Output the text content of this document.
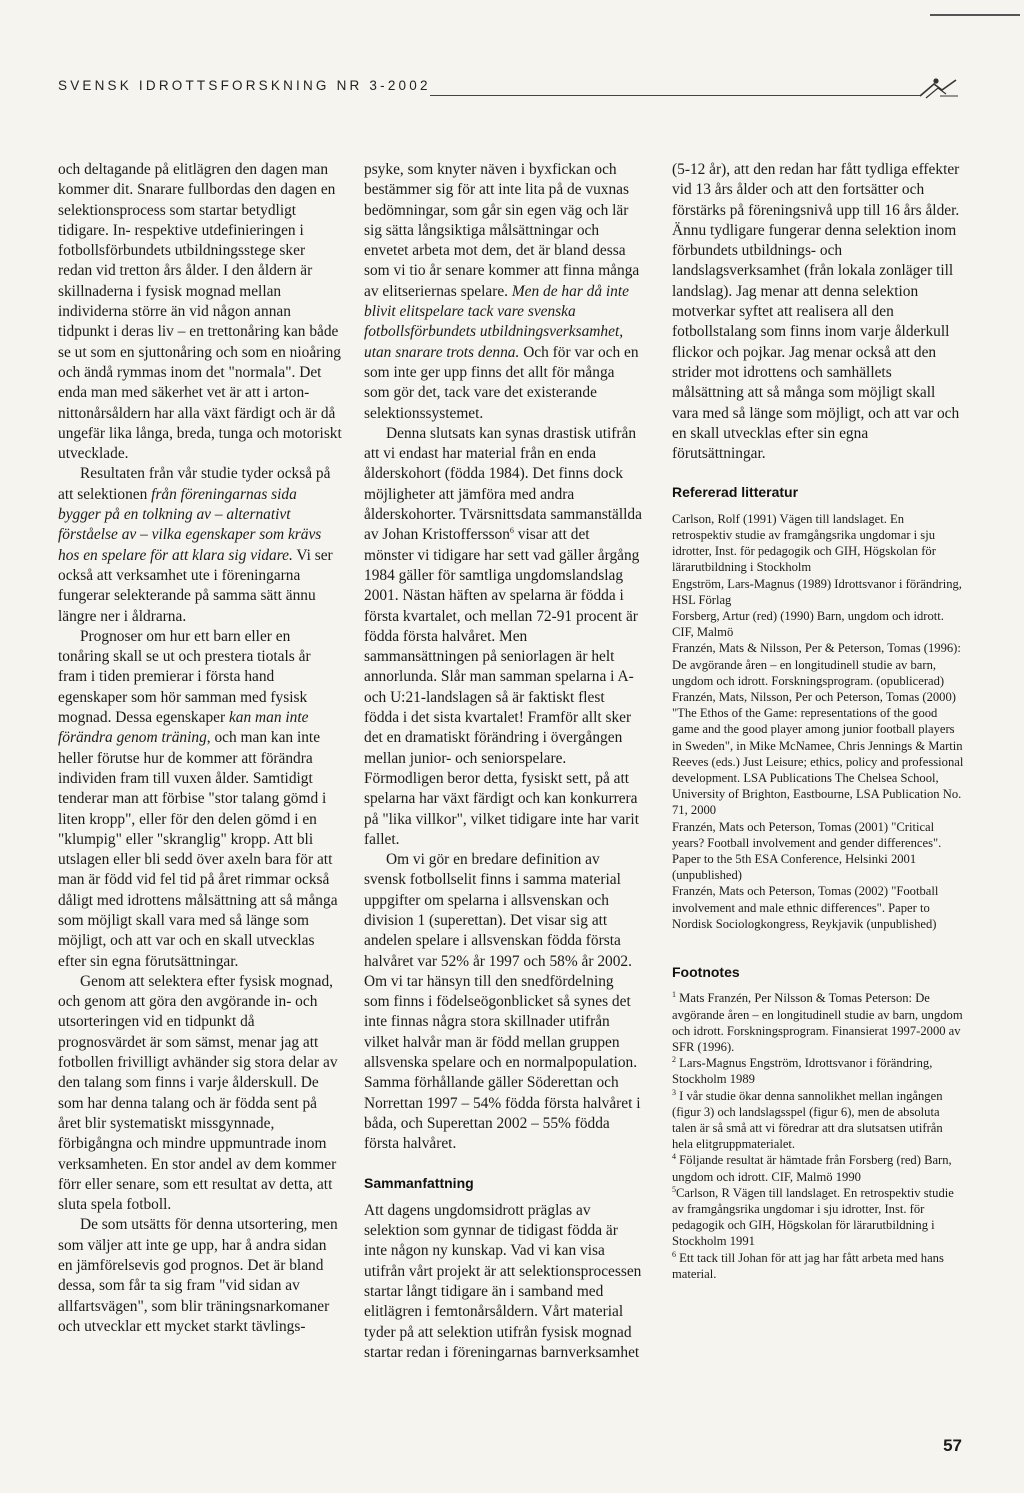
SVENSK IDROTTSFORSKNING NR 3-2002

och deltagande på elitlägren den dagen man kommer dit. Snarare fullbordas den dagen en selektionsprocess som startar betydligt tidigare. In- respektive utdefinieringen i fotbollsförbundets utbildningsstege sker redan vid tretton års ålder. I den åldern är skillnaderna i fysisk mognad mellan individerna större än vid någon annan tidpunkt i deras liv – en trettonåring kan både se ut som en sjuttonåring och som en nioåring och ändå rymmas inom det "normala". Det enda man med säkerhet vet är att i arton-nittonårsåldern har alla växt färdigt och är då ungefär lika långa, breda, tunga och motoriskt utvecklade.

Resultaten från vår studie tyder också på att selektionen från föreningarnas sida bygger på en tolkning av – alternativt förståelse av – vilka egenskaper som krävs hos en spelare för att klara sig vidare. Vi ser också att verksamhet ute i föreningarna fungerar selekterande på samma sätt ännu längre ner i åldrarna.

Prognoser om hur ett barn eller en tonåring skall se ut och prestera tiotals år fram i tiden premierar i första hand egenskaper som hör samman med fysisk mognad. Dessa egenskaper kan man inte förändra genom träning, och man kan inte heller förutse hur de kommer att förändra individen fram till vuxen ålder. Samtidigt tenderar man att förbise "stor talang gömd i liten kropp", eller för den delen gömd i en "klumpig" eller "skranglig" kropp. Att bli utslagen eller bli sedd över axeln bara för att man är född vid fel tid på året rimmar också dåligt med idrottens målsättning att så många som möjligt skall vara med så länge som möjligt, och att var och en skall utvecklas efter sin egna förutsättningar.

Genom att selektera efter fysisk mognad, och genom att göra den avgörande in- och utsorteringen vid en tidpunkt då prognosvärdet är som sämst, menar jag att fotbollen frivilligt avhänder sig stora delar av den talang som finns i varje ålderskull. De som har denna talang och är födda sent på året blir systematiskt missgynnade, förbigångna och mindre uppmuntrade inom verksamheten. En stor andel av dem kommer förr eller senare, som ett resultat av detta, att sluta spela fotboll.

De som utsätts för denna utsortering, men som väljer att inte ge upp, har å andra sidan en jämförelsevis god prognos. Det är bland dessa, som får ta sig fram "vid sidan av allfartsvägen", som blir träningsnarkomaner och utvecklar ett mycket starkt tävlings-

psyke, som knyter näven i byxfickan och bestämmer sig för att inte lita på de vuxnas bedömningar, som går sin egen väg och lär sig sätta långsiktiga målsättningar och envetet arbeta mot dem, det är bland dessa som vi tio år senare kommer att finna många av elitseriernas spelare. Men de har då inte blivit elitspelare tack vare svenska fotbollsförbundets utbildningsverksamhet, utan snarare trots denna. Och för var och en som inte ger upp finns det allt för många som gör det, tack vare det existerande selektionssystemet.

Denna slutsats kan synas drastisk utifrån att vi endast har material från en enda ålderskohort (födda 1984). Det finns dock möjligheter att jämföra med andra ålderskohorter. Tvärsnittsdata sammanställda av Johan Kristoffersson$^6$ visar att det mönster vi tidigare har sett vad gäller årgång 1984 gäller för samtliga ungdomslandslag 2001. Nästan häften av spelarna är födda i första kvartalet, och mellan 72-91 procent är födda första halvåret. Men sammansättningen på seniorlagen är helt annorlunda. Slår man samman spelarna i A- och U:21-landslagen så är faktiskt flest födda i det sista kvartalet! Framför allt sker det en dramatiskt förändring i övergången mellan junior- och seniorspelare. Förmodligen beror detta, fysiskt sett, på att spelarna har växt färdigt och kan konkurrera på "lika villkor", vilket tidigare inte har varit fallet.

Om vi gör en bredare definition av svensk fotbollselit finns i samma material uppgifter om spelarna i allsvenskan och division 1 (superettan). Det visar sig att andelen spelare i allsvenskan födda första halvåret var 52% år 1997 och 58% år 2002. Om vi tar hänsyn till den snedfördelning som finns i födelseögonblicket så synes det inte finnas några stora skillnader utifrån vilket halvår man är född mellan gruppen allsvenska spelare och en normalpopulation. Samma förhållande gäller Söderettan och Norrettan 1997 – 54% födda första halvåret i båda, och Superettan 2002 – 55% födda första halvåret.

Sammanfattning

Att dagens ungdomsidrott präglas av selektion som gynnar de tidigast födda är inte någon ny kunskap. Vad vi kan visa utifrån vårt projekt är att selektionsprocessen startar långt tidigare än i samband med elitlägren i femtonårsåldern. Vårt material tyder på att selektion utifrån fysisk mognad startar redan i föreningarnas barnverksamhet

(5-12 år), att den redan har fått tydliga effekter vid 13 års ålder och att den fortsätter och förstärks på föreningsnivå upp till 16 års ålder. Ännu tydligare fungerar denna selektion inom förbundets utbildnings- och landslagsverksamhet (från lokala zonläger till landslag). Jag menar att denna selektion motverkar syftet att realisera all den fotbollstalang som finns inom varje ålderkull flickor och pojkar. Jag menar också att den strider mot idrottens och samhällets målsättning att så många som möjligt skall vara med så länge som möjligt, och att var och en skall utvecklas efter sin egna förutsättningar.

Refererad litteratur

Carlson, Rolf (1991) Vägen till landslaget. En retrospektiv studie av framgångsrika ungdomar i sju idrotter, Inst. för pedagogik och GIH, Högskolan för lärarutbildning i Stockholm

Engström, Lars-Magnus (1989) Idrottsvanor i förändring, HSL Förlag

Forsberg, Artur (red) (1990) Barn, ungdom och idrott. CIF, Malmö

Franzén, Mats & Nilsson, Per & Peterson, Tomas (1996): De avgörande åren – en longitudinell studie av barn, ungdom och idrott. Forskningsprogram. (opublicerad)

Franzén, Mats, Nilsson, Per och Peterson, Tomas (2000) "The Ethos of the Game: representations of the good game and the good player among junior football players in Sweden", in Mike McNamee, Chris Jennings & Martin Reeves (eds.) Just Leisure; ethics, policy and professional development. LSA Publications The Chelsea School, University of Brighton, Eastbourne, LSA Publication No. 71, 2000

Franzén, Mats och Peterson, Tomas (2001) "Critical years? Football involvement and gender differences". Paper to the 5th ESA Conference, Helsinki 2001 (unpublished)

Franzén, Mats och Peterson, Tomas (2002) "Football involvement and male ethnic differences". Paper to Nordisk Sociologkongress, Reykjavik (unpublished)

Footnotes

$^1$ Mats Franzén, Per Nilsson & Tomas Peterson: De avgörande åren – en longitudinell studie av barn, ungdom och idrott. Forskningsprogram. Finansierat 1997-2000 av SFR (1996).

$^2$ Lars-Magnus Engström, Idrottsvanor i förändring, Stockholm 1989

$^3$ I vår studie ökar denna sannolikhet mellan ingången (figur 3) och landslagsspel (figur 6), men de absoluta talen är så små att vi föredrar att dra slutsatsen utifrån hela elitgruppmaterialet.

$^4$ Följande resultat är hämtade från Forsberg (red) Barn, ungdom och idrott. CIF, Malmö 1990

$^5$Carlson, R Vägen till landslaget. En retrospektiv studie av framgångsrika ungdomar i sju idrotter, Inst. för pedagogik och GIH, Högskolan för lärarutbildning i Stockholm 1991

$^6$ Ett tack till Johan för att jag har fått arbeta med hans material.

57
